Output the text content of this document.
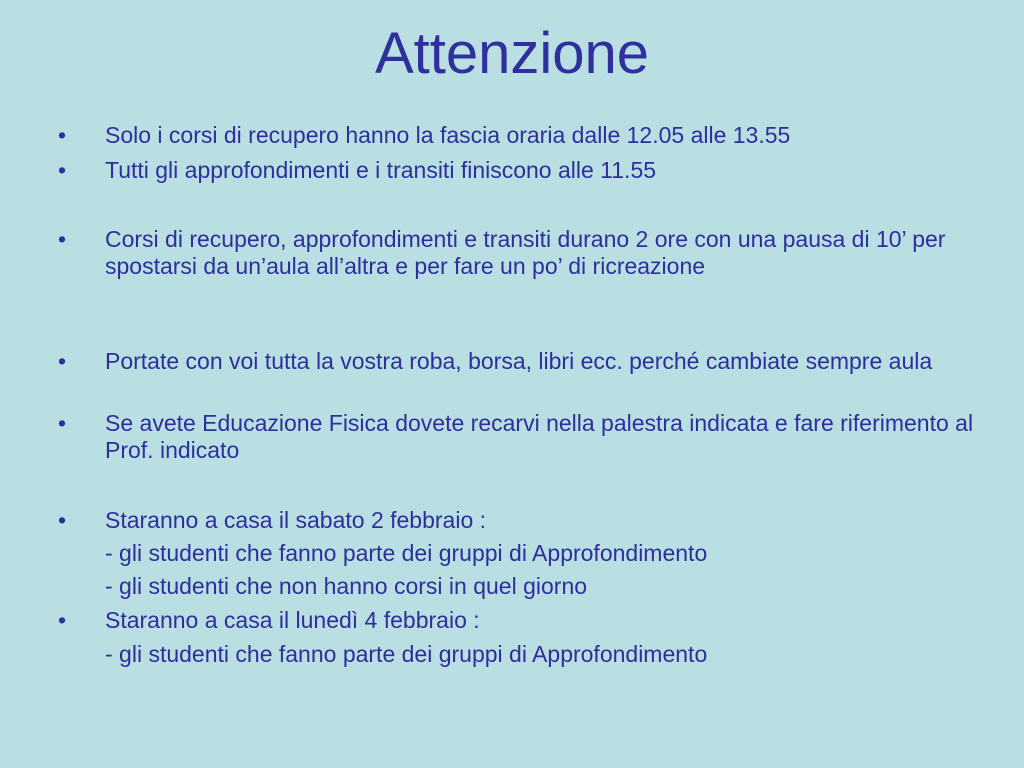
Attenzione
• Solo i corsi di recupero hanno la fascia oraria dalle 12.05 alle 13.55
• Tutti gli approfondimenti e i transiti finiscono alle 11.55
• Corsi di recupero, approfondimenti e transiti durano 2 ore con una pausa di 10’ per spostarsi da un’aula all’altra e per fare un po’ di ricreazione
• Portate con voi tutta la vostra roba, borsa, libri ecc. perché cambiate sempre aula
• Se avete Educazione Fisica dovete recarvi nella palestra indicata e fare riferimento al Prof. indicato
• Staranno a casa il sabato 2 febbraio :
- gli studenti che fanno parte dei gruppi di Approfondimento
- gli studenti che non hanno corsi in quel giorno
• Staranno a casa il lunedì 4 febbraio :
- gli studenti che fanno parte dei gruppi di Approfondimento
